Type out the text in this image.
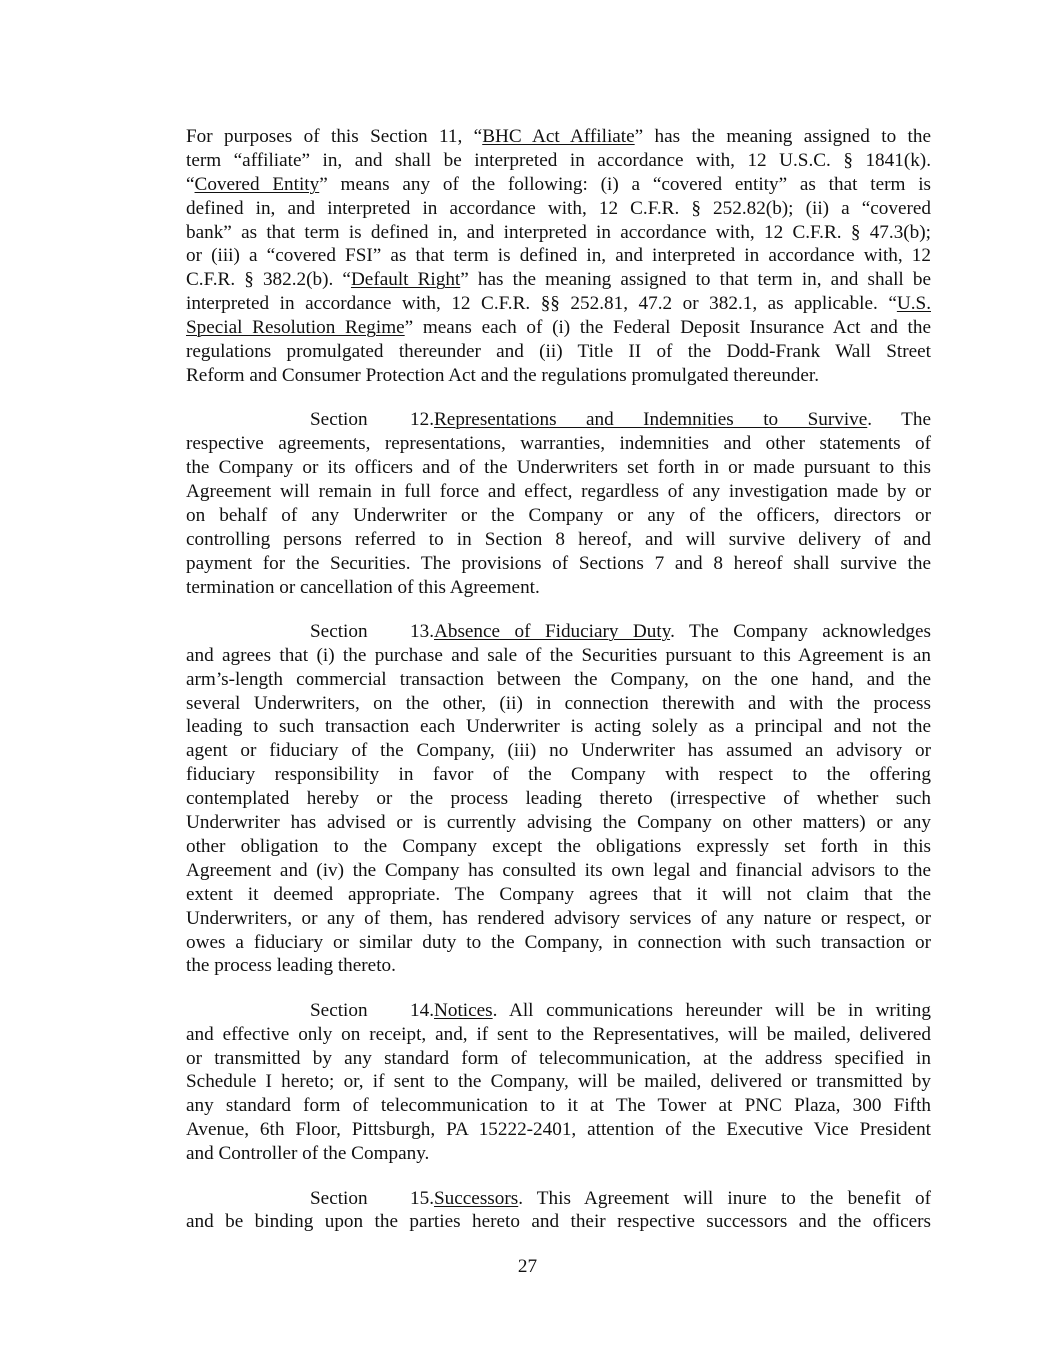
For purposes of this Section 11, “BHC Act Affiliate” has the meaning assigned to the
term “affiliate” in, and shall be interpreted in accordance with, 12 U.S.C. § 1841(k).
“Covered Entity” means any of the following: (i) a “covered entity” as that term is
defined in, and interpreted in accordance with, 12 C.F.R. § 252.82(b); (ii) a “covered
bank” as that term is defined in, and interpreted in accordance with, 12 C.F.R. § 47.3(b);
or (iii) a “covered FSI” as that term is defined in, and interpreted in accordance with, 12
C.F.R. § 382.2(b). “Default Right” has the meaning assigned to that term in, and shall be
interpreted in accordance with, 12 C.F.R. §§ 252.81, 47.2 or 382.1, as applicable. “U.S.
Special Resolution Regime” means each of (i) the Federal Deposit Insurance Act and the
regulations promulgated thereunder and (ii) Title II of the Dodd-Frank Wall Street
Reform and Consumer Protection Act and the regulations promulgated thereunder.
Section 12.Representations and Indemnities to Survive. The
respective agreements, representations, warranties, indemnities and other statements of
the Company or its officers and of the Underwriters set forth in or made pursuant to this
Agreement will remain in full force and effect, regardless of any investigation made by or
on behalf of any Underwriter or the Company or any of the officers, directors or
controlling persons referred to in Section 8 hereof, and will survive delivery of and
payment for the Securities. The provisions of Sections 7 and 8 hereof shall survive the
termination or cancellation of this Agreement.
Section 13.Absence of Fiduciary Duty. The Company acknowledges
and agrees that (i) the purchase and sale of the Securities pursuant to this Agreement is an
arm’s-length commercial transaction between the Company, on the one hand, and the
several Underwriters, on the other, (ii) in connection therewith and with the process
leading to such transaction each Underwriter is acting solely as a principal and not the
agent or fiduciary of the Company, (iii) no Underwriter has assumed an advisory or
fiduciary responsibility in favor of the Company with respect to the offering
contemplated hereby or the process leading thereto (irrespective of whether such
Underwriter has advised or is currently advising the Company on other matters) or any
other obligation to the Company except the obligations expressly set forth in this
Agreement and (iv) the Company has consulted its own legal and financial advisors to the
extent it deemed appropriate. The Company agrees that it will not claim that the
Underwriters, or any of them, has rendered advisory services of any nature or respect, or
owes a fiduciary or similar duty to the Company, in connection with such transaction or
the process leading thereto.
Section 14.Notices. All communications hereunder will be in writing
and effective only on receipt, and, if sent to the Representatives, will be mailed, delivered
or transmitted by any standard form of telecommunication, at the address specified in
Schedule I hereto; or, if sent to the Company, will be mailed, delivered or transmitted by
any standard form of telecommunication to it at The Tower at PNC Plaza, 300 Fifth
Avenue, 6th Floor, Pittsburgh, PA 15222-2401, attention of the Executive Vice President
and Controller of the Company.
Section 15.Successors. This Agreement will inure to the benefit of
and be binding upon the parties hereto and their respective successors and the officers
27
